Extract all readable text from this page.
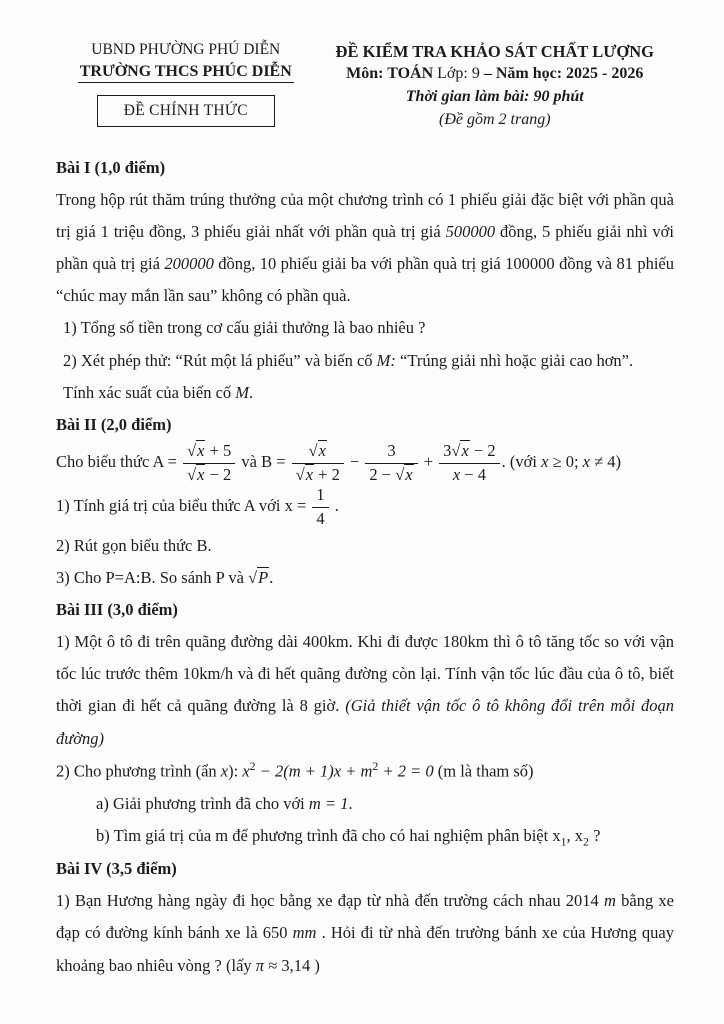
UBND PHƯỜNG PHÚ DIỄN
TRƯỜNG THCS PHÚC DIỄN
ĐỀ CHÍNH THỨC
ĐỀ KIỂM TRA KHẢO SÁT CHẤT LƯỢNG
Môn: TOÁN Lớp: 9 – Năm học: 2025 - 2026
Thời gian làm bài: 90 phút
(Đề gồm 2 trang)

Bài I (1,0 điểm)

Trong hộp rút thăm trúng thưởng của một chương trình có 1 phiếu giải đặc biệt với phần quà trị giá 1 triệu đồng, 3 phiếu giải nhất với phần quà trị giá 500000 đồng, 5 phiếu giải nhì với phần quà trị giá 200000 đồng, 10 phiếu giải ba với phần quà trị giá 100000 đồng và 81 phiếu “chúc may mắn lần sau” không có phần quà.

1) Tổng số tiền trong cơ cấu giải thưởng là bao nhiêu ?

2) Xét phép thử: “Rút một lá phiếu” và biến cố M: “Trúng giải nhì hoặc giải cao hơn”.

Tính xác suất của biến cố M.

Bài II (2,0 điểm)

Cho biểu thức $A = \frac{√x + 5}{√x - 2}$ và $B = \frac{√x}{√x + 2} - \frac{3}{2 - √x} + \frac{3√x - 2}{x - 4}$ . (với x ≥ 0; x ≠ 4)

1) Tính giá trị của biểu thức A với $x = \frac{1}{4}$ .

2) Rút gọn biểu thức B.

3) Cho P=A:B. So sánh P và √P.

Bài III (3,0 điểm)

1) Một ô tô đi trên quãng đường dài 400km. Khi đi được 180km thì ô tô tăng tốc so với vận tốc lúc trước thêm 10km/h và đi hết quãng đường còn lại. Tính vận tốc lúc đầu của ô tô, biết thời gian đi hết cả quãng đường là 8 giờ. (Giả thiết vận tốc ô tô không đổi trên mỗi đoạn đường)

2) Cho phương trình (ẩn x): $x^2 - 2(m + 1)x + m^2 + 2 = 0$ (m là tham số)

a) Giải phương trình đã cho với m = 1.

b) Tìm giá trị của m để phương trình đã cho có hai nghiệm phân biệt $x_1$, $x_2$ ?

Bài IV (3,5 điểm)

1) Bạn Hương hàng ngày đi học bằng xe đạp từ nhà đến trường cách nhau 2014 m bằng xe đạp có đường kính bánh xe là 650 mm . Hỏi đi từ nhà đến trường bánh xe của Hương quay khoảng bao nhiêu vòng ? (lấy π ≈ 3,14 )
